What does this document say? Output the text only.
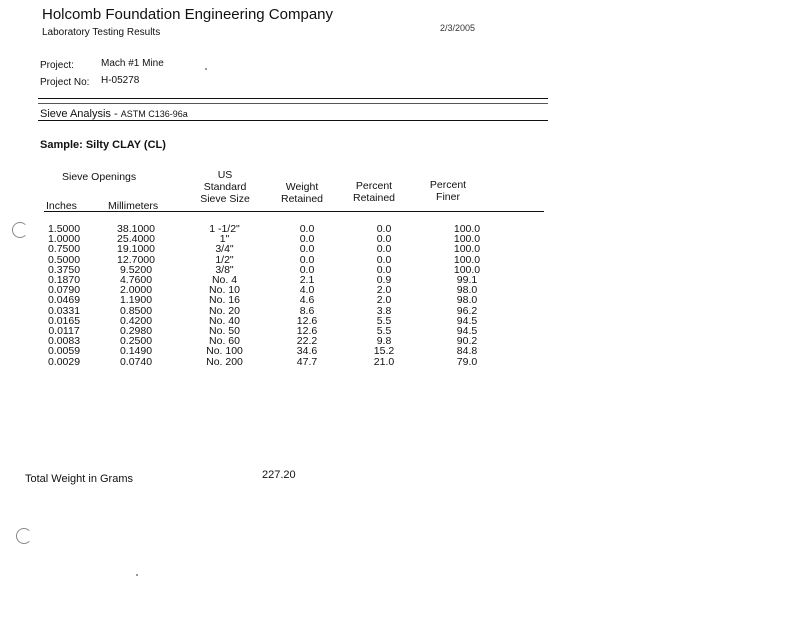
Holcomb Foundation Engineering Company
Laboratory Testing Results	2/3/2005
Project:	Mach #1 Mine
Project No: H-05278
Sieve Analysis - ASTM C136-96a
Sample: Silty CLAY (CL)
Sieve Openings
Inches	Millimeters
US
Standard
Sieve Size
Weight
Retained
Percent
Retained
Percent
Finer
1.5000	38.1000	1 -1/2"	0.0	0.0	100.0
1.0000	25.4000	1"	0.0	0.0	100.0
0.7500	19.1000	3/4"	0.0	0.0	100.0
0.5000	12.7000	1/2"	0.0	0.0	100.0
0.3750	9.5200	3/8"	0.0	0.0	100.0
0.1870	4.7600	No. 4	2.1	0.9	99.1
0.0790	2.0000	No. 10	4.0	2.0	98.0
0.0469	1.1900	No. 16	4.6	2.0	98.0
0.0331	0.8500	No. 20	8.6	3.8	96.2
0.0165	0.4200	No. 40	12.6	5.5	94.5
0.0117	0.2980	No. 50	12.6	5.5	94.5
0.0083	0.2500	No. 60	22.2	9.8	90.2
0.0059	0.1490	No. 100	34.6	15.2	84.8
0.0029	0.0740	No. 200	47.7	21.0	79.0
Total Weight in Grams	227.20
